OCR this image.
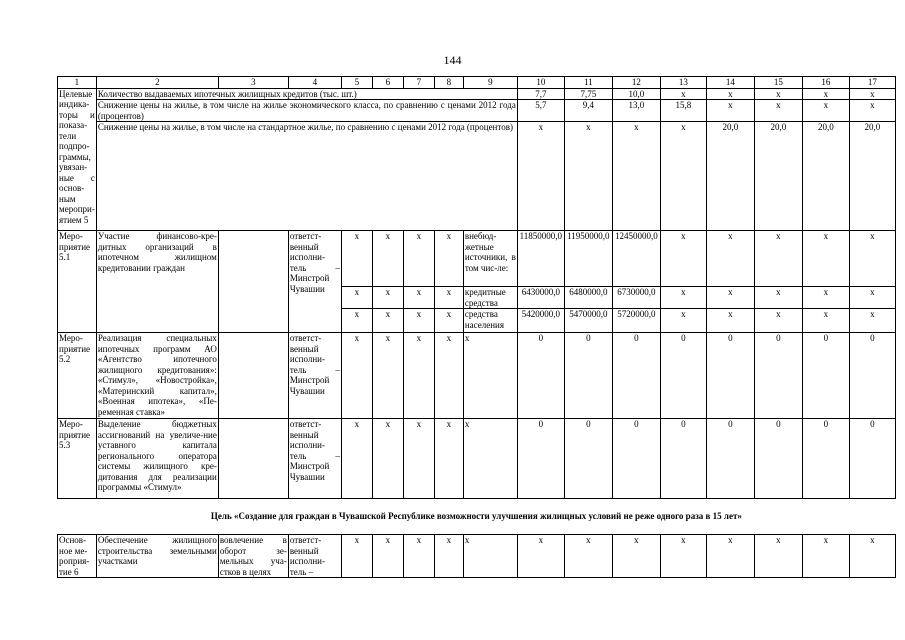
144
1	2	3	4	5	6	7	8	9	10	11	12	13	14	15	16	17
Целевые индика-торы и показа-тели подпро-граммы, увязан-ные с основ-ным меропри-ятием 5	Количество выдаваемых ипотечных жилищных кредитов (тыс. шт.)								7,7	7,75	10,0	x	x	x	x	x
	Снижение цены на жилье, в том числе на жилье экономического класса, по сравнению с ценами 2012 года (процентов)								5,7	9,4	13,0	15,8	x	x	x	x
	Снижение цены на жилье, в том числе на стандартное жилье, по сравнению с ценами 2012 года (процентов)								x	x	x	x	20,0	20,0	20,0	20,0
Меро-приятие 5.1	Участие финансово-кре-дитных организаций в ипотечном жилищном кредитовании граждан		ответст-венный исполни-тель – Минстрой Чувашии	x	x	x	x	внебюд-жетные источники, в том чис-ле:	11850000,0	11950000,0	12450000,0	x	x	x	x	x
				x	x	x	x	кредитные средства	6430000,0	6480000,0	6730000,0	x	x	x	x	x
				x	x	x	x	средства населения	5420000,0	5470000,0	5720000,0	x	x	x	x	x
Меро-приятие 5.2	Реализация специальных ипотечных программ АО «Агентство ипотечного жилищного кредитования»: «Стимул», «Новостройка», «Материнский капитал», «Военная ипотека», «Пе-ременная ставка»		ответст-венный исполни-тель – Минстрой Чувашии	x	x	x	x	x	0	0	0	0	0	0	0	0
Меро-приятие 5.3	Выделение бюджетных ассигнований на увеличе-ние уставного капитала регионального оператора системы жилищного кре-дитования для реализации программы «Стимул»		ответст-венный исполни-тель – Минстрой Чувашии	x	x	x	x	x	0	0	0	0	0	0	0	0
Цель «Создание для граждан в Чувашской Республике возможности улучшения жилищных условий не реже одного раза в 15 лет»																
Основ-ное ме-роприя-тие 6	Обеспечение жилищного строительства земельными участками	вовлечение в оборот зе-мельных уча-стков в целях	ответст-венный исполни-тель –	x	x	x	x	x	x	x	x	x	x	x	x	x
